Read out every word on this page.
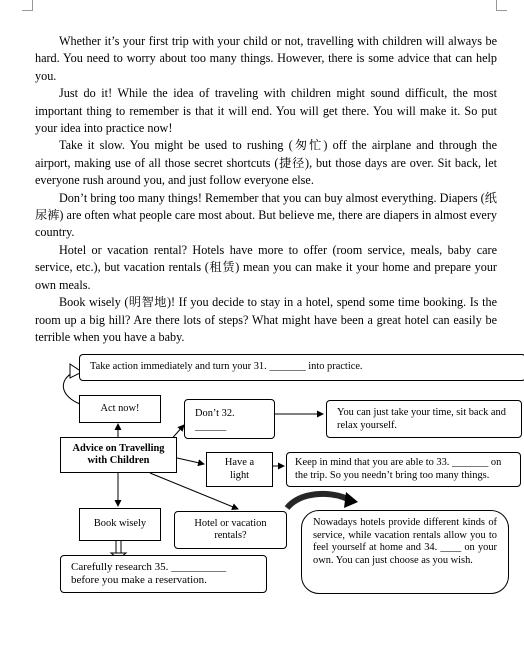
Whether it’s your first trip with your child or not, travelling with children will always be hard. You need to worry about too many things. However, there is some advice that can help you.

Just do it! While the idea of traveling with children might sound difficult, the most important thing to remember is that it will end. You will get there. You will make it. So put your idea into practice now!

Take it slow. You might be used to rushing (匆忙) off the airplane and through the airport, making use of all those secret shortcuts (捷径), but those days are over. Sit back, let everyone rush around you, and just follow everyone else.

Don’t bring too many things! Remember that you can buy almost everything. Diapers (纸尿裤) are often what people care most about. But believe me, there are diapers in almost every country.

Hotel or vacation rental? Hotels have more to offer (room service, meals, baby care service, etc.), but vacation rentals (租赁) mean you can make it your home and prepare your own meals.

Book wisely (明智地)! If you decide to stay in a hotel, spend some time booking. Is the room up a big hill? Are there lots of steps? What might have been a great hotel can easily be terrible when you have a baby.

Take action immediately and turn your 31. _______ into practice.
Act now!	Don’t 32. ______
You can just take your time, sit back and relax yourself.
Advice on Travelling with Children	Have a light
Keep in mind that you are able to 33. _______ on the trip. So you needn’t bring too many things.
Book wisely	Hotel or vacation rentals?
Nowadays hotels provide different kinds of service, while vacation rentals allow you to feel yourself at home and 34. ____ on your own. You can just choose as you wish.
Carefully research 35. __________ before you make a reservation.
